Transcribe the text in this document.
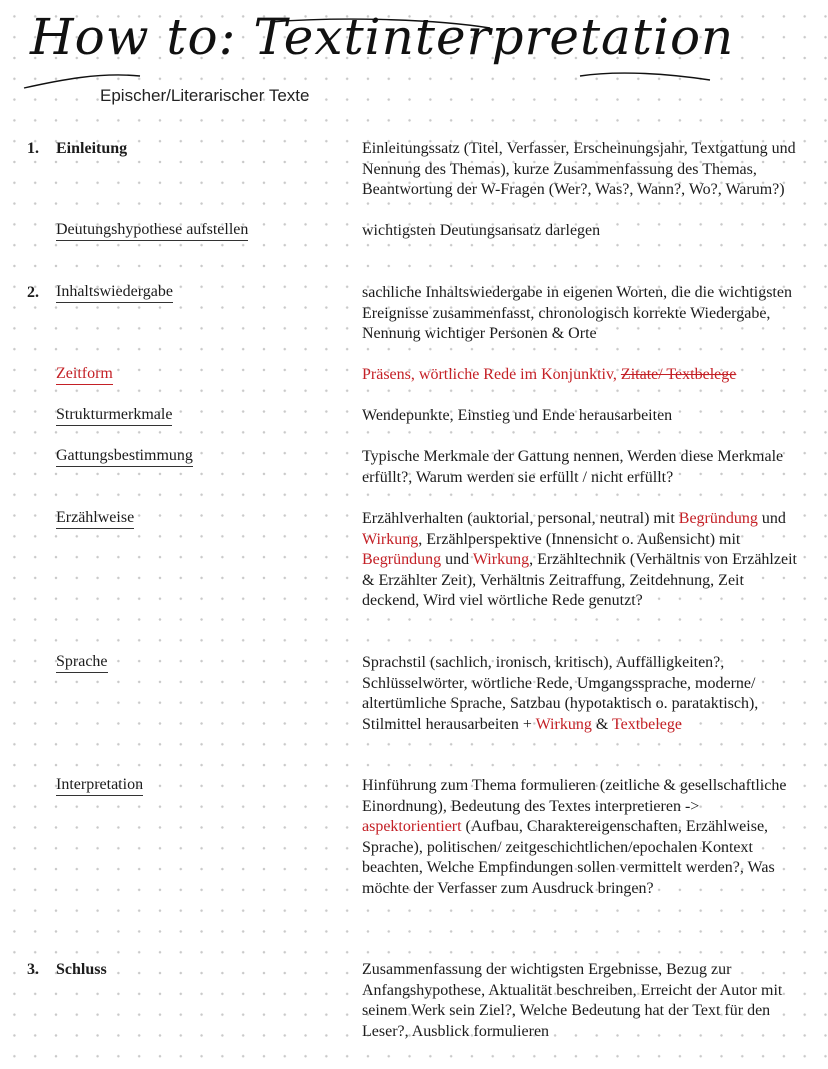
How to: Textinterpretation
Epischer/Literarischer Texte
1. Einleitung	Einleitungssatz (Titel, Verfasser, Erscheinungsjahr, Textgattung und Nennung des Themas), kurze Zusammenfassung des Themas, Beantwortung der W-Fragen (Wer?, Was?, Wann?, Wo?, Warum?)

Deutungshypothese aufstellen	wichtigsten Deutungsansatz darlegen

2. Inhaltswiedergabe	sachliche Inhaltswiedergabe in eigenen Worten, die die wichtigsten Ereignisse zusammenfasst, chronologisch korrekte Wiedergabe, Nennung wichtiger Personen & Orte

Zeitform	Präsens, wörtliche Rede im Konjunktiv, Zitate/ Textbelege

Strukturmerkmale	Wendepunkte, Einstieg und Ende herausarbeiten

Gattungsbestimmung	Typische Merkmale der Gattung nennen, Werden diese Merkmale erfüllt?, Warum werden sie erfüllt / nicht erfüllt?

Erzählweise	Erzählverhalten (auktorial, personal, neutral) mit Begründung und Wirkung, Erzählperspektive (Innensicht o. Außensicht) mit Begründung und Wirkung, Erzähltechnik (Verhältnis von Erzählzeit & Erzählter Zeit), Verhältnis Zeitraffung, Zeitdehnung, Zeit deckend, Wird viel wörtliche Rede genutzt?

Sprache	Sprachstil (sachlich, ironisch, kritisch), Auffälligkeiten?, Schlüsselwörter, wörtliche Rede, Umgangssprache, moderne/ altertümliche Sprache, Satzbau (hypotaktisch o. parataktisch), Stilmittel herausarbeiten + Wirkung & Textbelege

Interpretation	Hinführung zum Thema formulieren (zeitliche & gesellschaftliche Einordnung), Bedeutung des Textes interpretieren -> aspektorientiert (Aufbau, Charaktereigenschaften, Erzählweise, Sprache), politischen/ zeitgeschichtlichen/epochalen Kontext beachten, Welche Empfindungen sollen vermittelt werden?, Was möchte der Verfasser zum Ausdruck bringen?

3. Schluss	Zusammenfassung der wichtigsten Ergebnisse, Bezug zur Anfangshypothese, Aktualität beschreiben, Erreicht der Autor mit seinem Werk sein Ziel?, Welche Bedeutung hat der Text für den Leser?, Ausblick formulieren
